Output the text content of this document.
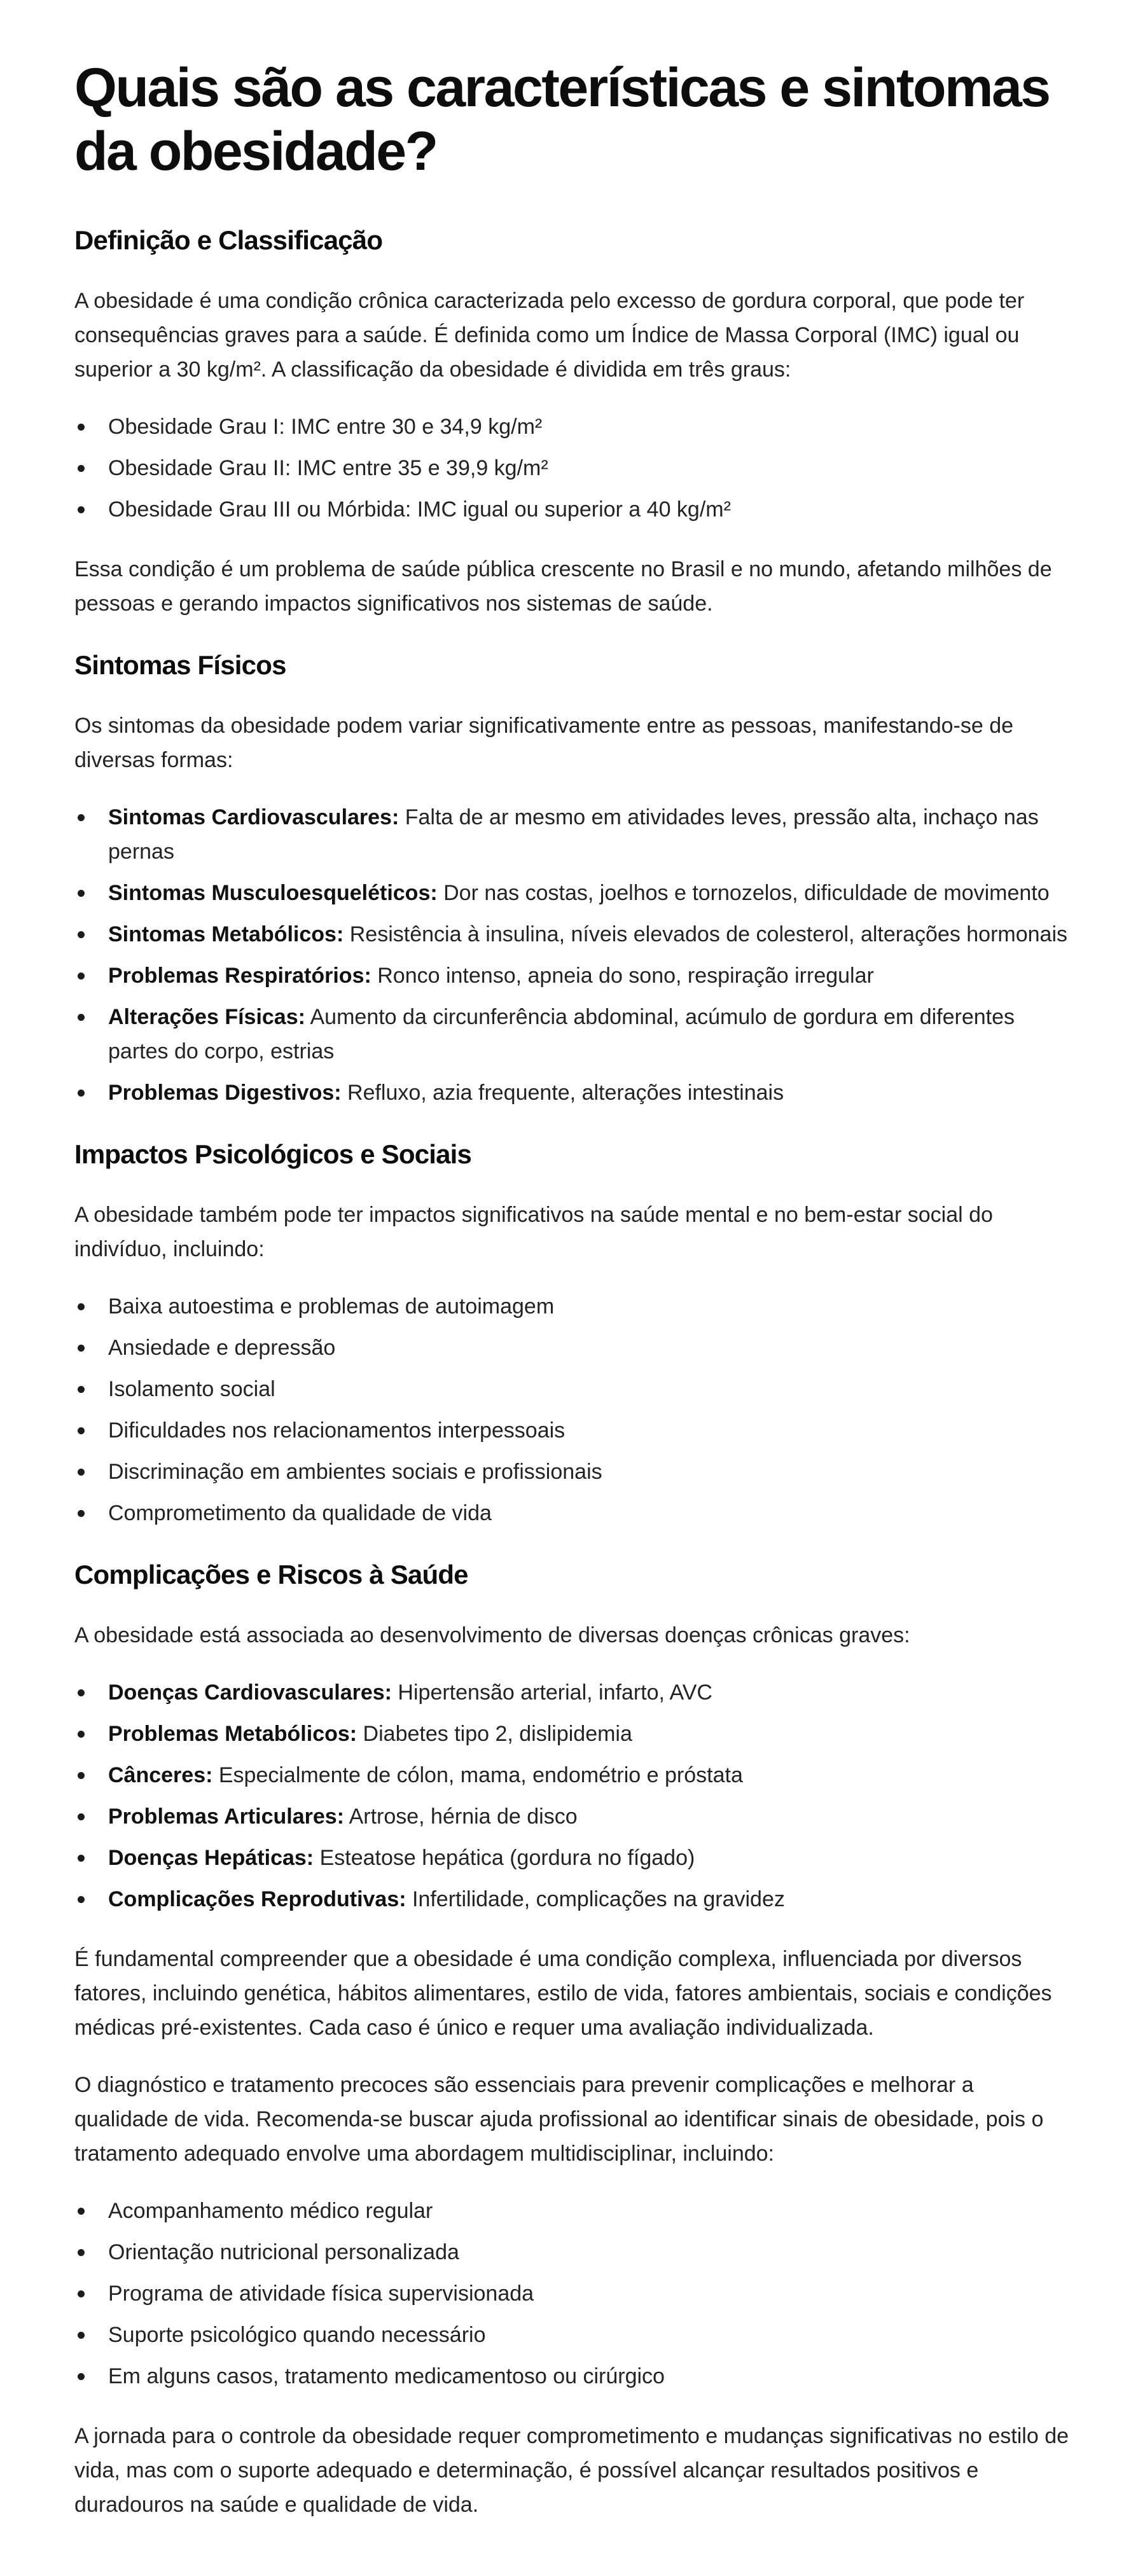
Quais são as características e sintomas da obesidade?
Definição e Classificação

A obesidade é uma condição crônica caracterizada pelo excesso de gordura corporal, que pode ter consequências graves para a saúde. É definida como um Índice de Massa Corporal (IMC) igual ou superior a 30 kg/m². A classificação da obesidade é dividida em três graus:

Obesidade Grau I: IMC entre 30 e 34,9 kg/m²
Obesidade Grau II: IMC entre 35 e 39,9 kg/m²
Obesidade Grau III ou Mórbida: IMC igual ou superior a 40 kg/m²

Essa condição é um problema de saúde pública crescente no Brasil e no mundo, afetando milhões de pessoas e gerando impactos significativos nos sistemas de saúde.

Sintomas Físicos

Os sintomas da obesidade podem variar significativamente entre as pessoas, manifestando-se de diversas formas:

Sintomas Cardiovasculares: Falta de ar mesmo em atividades leves, pressão alta, inchaço nas pernas
Sintomas Musculoesqueléticos: Dor nas costas, joelhos e tornozelos, dificuldade de movimento
Sintomas Metabólicos: Resistência à insulina, níveis elevados de colesterol, alterações hormonais
Problemas Respiratórios: Ronco intenso, apneia do sono, respiração irregular
Alterações Físicas: Aumento da circunferência abdominal, acúmulo de gordura em diferentes partes do corpo, estrias
Problemas Digestivos: Refluxo, azia frequente, alterações intestinais
Impactos Psicológicos e Sociais

A obesidade também pode ter impactos significativos na saúde mental e no bem-estar social do indivíduo, incluindo:

Baixa autoestima e problemas de autoimagem
Ansiedade e depressão
Isolamento social
Dificuldades nos relacionamentos interpessoais
Discriminação em ambientes sociais e profissionais
Comprometimento da qualidade de vida
Complicações e Riscos à Saúde

A obesidade está associada ao desenvolvimento de diversas doenças crônicas graves:

Doenças Cardiovasculares: Hipertensão arterial, infarto, AVC
Problemas Metabólicos: Diabetes tipo 2, dislipidemia
Cânceres: Especialmente de cólon, mama, endométrio e próstata
Problemas Articulares: Artrose, hérnia de disco
Doenças Hepáticas: Esteatose hepática (gordura no fígado)
Complicações Reprodutivas: Infertilidade, complicações na gravidez

É fundamental compreender que a obesidade é uma condição complexa, influenciada por diversos fatores, incluindo genética, hábitos alimentares, estilo de vida, fatores ambientais, sociais e condições médicas pré-existentes. Cada caso é único e requer uma avaliação individualizada.

O diagnóstico e tratamento precoces são essenciais para prevenir complicações e melhorar a qualidade de vida. Recomenda-se buscar ajuda profissional ao identificar sinais de obesidade, pois o tratamento adequado envolve uma abordagem multidisciplinar, incluindo:

Acompanhamento médico regular
Orientação nutricional personalizada
Programa de atividade física supervisionada
Suporte psicológico quando necessário
Em alguns casos, tratamento medicamentoso ou cirúrgico

A jornada para o controle da obesidade requer comprometimento e mudanças significativas no estilo de vida, mas com o suporte adequado e determinação, é possível alcançar resultados positivos e duradouros na saúde e qualidade de vida.
